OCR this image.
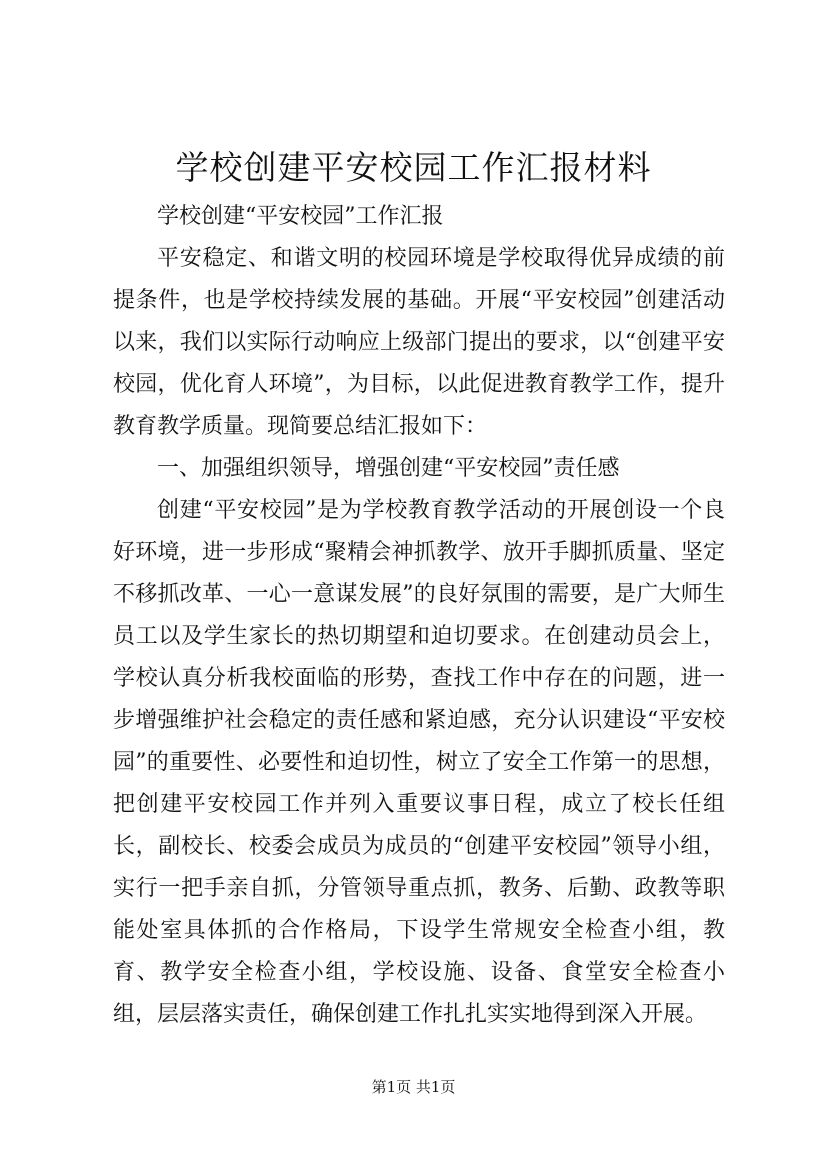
学校创建平安校园工作汇报材料

学校创建“平安校园”工作汇报

平安稳定、和谐文明的校园环境是学校取得优异成绩的前提条件，也是学校持续发展的基础。开展“平安校园”创建活动以来，我们以实际行动响应上级部门提出的要求，以“创建平安校园，优化育人环境”，为目标，以此促进教育教学工作，提升教育教学质量。现简要总结汇报如下：

一、加强组织领导，增强创建“平安校园”责任感

创建“平安校园”是为学校教育教学活动的开展创设一个良好环境，进一步形成“聚精会神抓教学、放开手脚抓质量、坚定不移抓改革、一心一意谋发展”的良好氛围的需要，是广大师生员工以及学生家长的热切期望和迫切要求。在创建动员会上，学校认真分析我校面临的形势，查找工作中存在的问题，进一步增强维护社会稳定的责任感和紧迫感，充分认识建设“平安校园”的重要性、必要性和迫切性，树立了安全工作第一的思想，把创建平安校园工作并列入重要议事日程，成立了校长任组长，副校长、校委会成员为成员的“创建平安校园”领导小组，实行一把手亲自抓，分管领导重点抓，教务、后勤、政教等职能处室具体抓的合作格局，下设学生常规安全检查小组，教育、教学安全检查小组，学校设施、设备、食堂安全检查小组，层层落实责任，确保创建工作扎扎实实地得到深入开展。

第1页 共1页
